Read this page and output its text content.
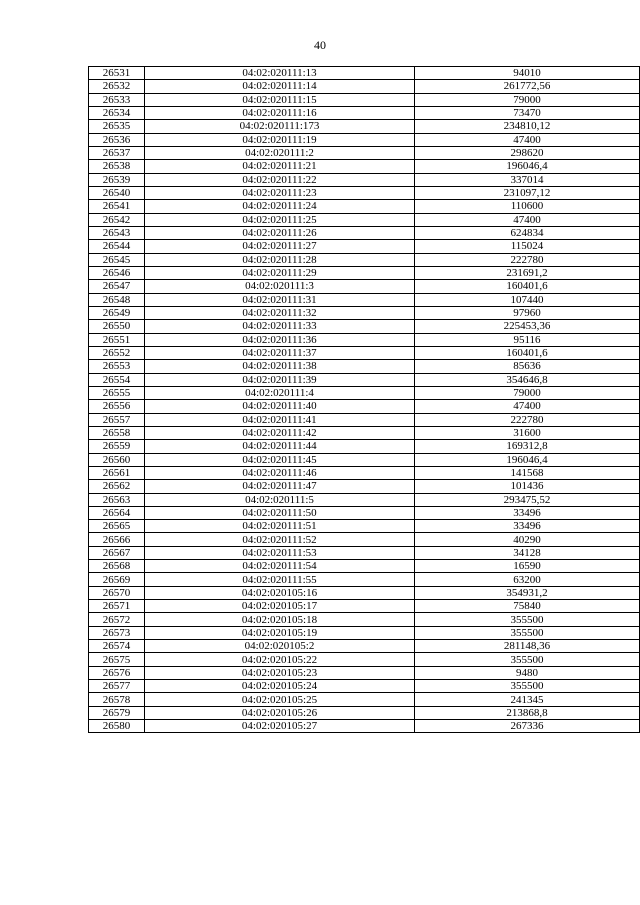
40
26531	04:02:020111:13	94010
26532	04:02:020111:14	261772,56
26533	04:02:020111:15	79000
26534	04:02:020111:16	73470
26535	04:02:020111:173	234810,12
26536	04:02:020111:19	47400
26537	04:02:020111:2	298620
26538	04:02:020111:21	196046,4
26539	04:02:020111:22	337014
26540	04:02:020111:23	231097,12
26541	04:02:020111:24	110600
26542	04:02:020111:25	47400
26543	04:02:020111:26	624834
26544	04:02:020111:27	115024
26545	04:02:020111:28	222780
26546	04:02:020111:29	231691,2
26547	04:02:020111:3	160401,6
26548	04:02:020111:31	107440
26549	04:02:020111:32	97960
26550	04:02:020111:33	225453,36
26551	04:02:020111:36	95116
26552	04:02:020111:37	160401,6
26553	04:02:020111:38	85636
26554	04:02:020111:39	354646,8
26555	04:02:020111:4	79000
26556	04:02:020111:40	47400
26557	04:02:020111:41	222780
26558	04:02:020111:42	31600
26559	04:02:020111:44	169312,8
26560	04:02:020111:45	196046,4
26561	04:02:020111:46	141568
26562	04:02:020111:47	101436
26563	04:02:020111:5	293475,52
26564	04:02:020111:50	33496
26565	04:02:020111:51	33496
26566	04:02:020111:52	40290
26567	04:02:020111:53	34128
26568	04:02:020111:54	16590
26569	04:02:020111:55	63200
26570	04:02:020105:16	354931,2
26571	04:02:020105:17	75840
26572	04:02:020105:18	355500
26573	04:02:020105:19	355500
26574	04:02:020105:2	281148,36
26575	04:02:020105:22	355500
26576	04:02:020105:23	9480
26577	04:02:020105:24	355500
26578	04:02:020105:25	241345
26579	04:02:020105:26	213868,8
26580	04:02:020105:27	267336
